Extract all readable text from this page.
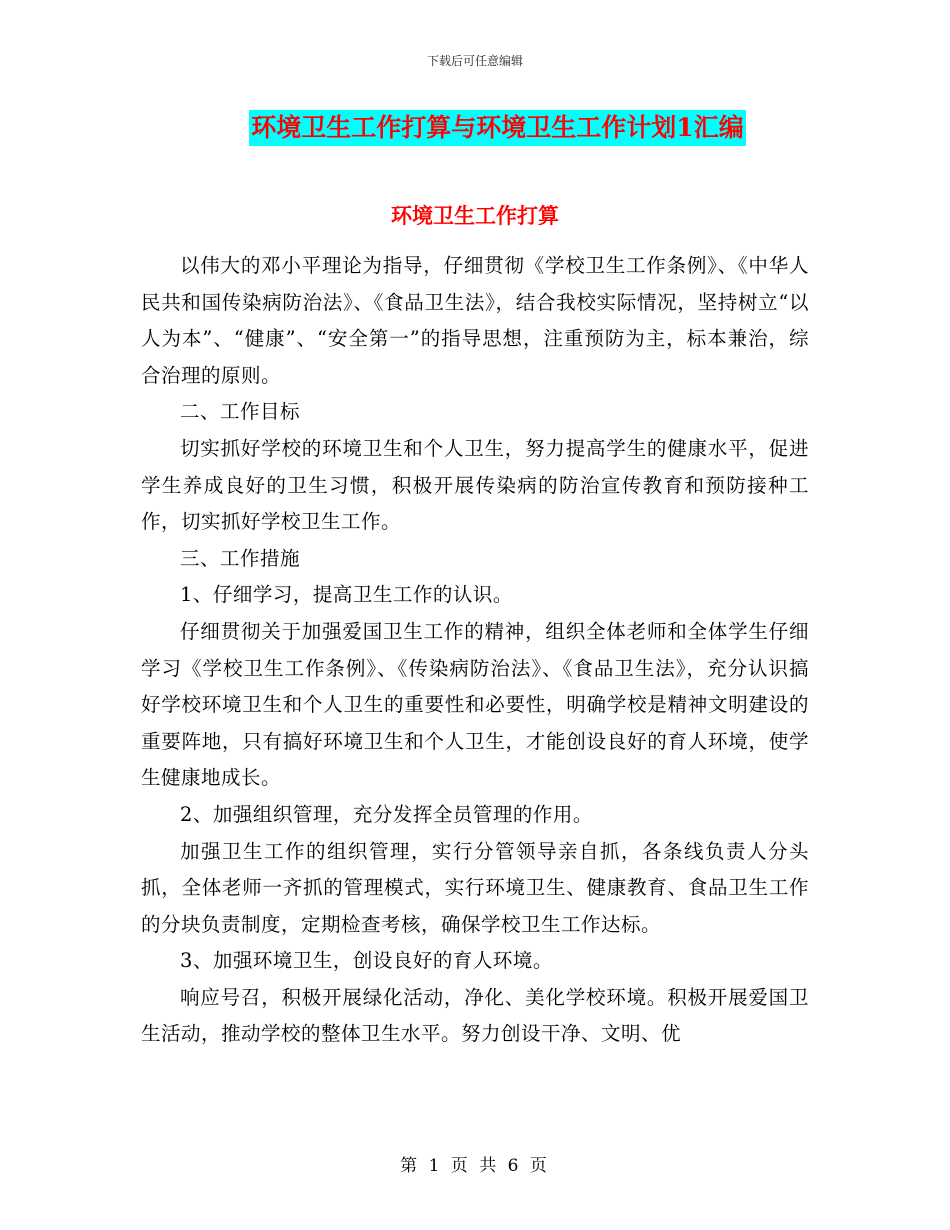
下载后可任意编辑
环境卫生工作打算与环境卫生工作计划1汇编
环境卫生工作打算

以伟大的邓小平理论为指导，仔细贯彻《学校卫生工作条例》、《中华人民共和国传染病防治法》、《食品卫生法》，结合我校实际情况，坚持树立“以人为本”、“健康”、“安全第一”的指导思想，注重预防为主，标本兼治，综合治理的原则。

二、工作目标

切实抓好学校的环境卫生和个人卫生，努力提高学生的健康水平，促进学生养成良好的卫生习惯，积极开展传染病的防治宣传教育和预防接种工作，切实抓好学校卫生工作。

三、工作措施

1、仔细学习，提高卫生工作的认识。

仔细贯彻关于加强爱国卫生工作的精神，组织全体老师和全体学生仔细学习《学校卫生工作条例》、《传染病防治法》、《食品卫生法》，充分认识搞好学校环境卫生和个人卫生的重要性和必要性，明确学校是精神文明建设的重要阵地，只有搞好环境卫生和个人卫生，才能创设良好的育人环境，使学生健康地成长。

2、加强组织管理，充分发挥全员管理的作用。

加强卫生工作的组织管理，实行分管领导亲自抓，各条线负责人分头抓，全体老师一齐抓的管理模式，实行环境卫生、健康教育、食品卫生工作的分块负责制度，定期检查考核，确保学校卫生工作达标。

3、加强环境卫生，创设良好的育人环境。

响应号召，积极开展绿化活动，净化、美化学校环境。积极开展爱国卫生活动，推动学校的整体卫生水平。努力创设干净、文明、优

第 1 页 共 6 页
